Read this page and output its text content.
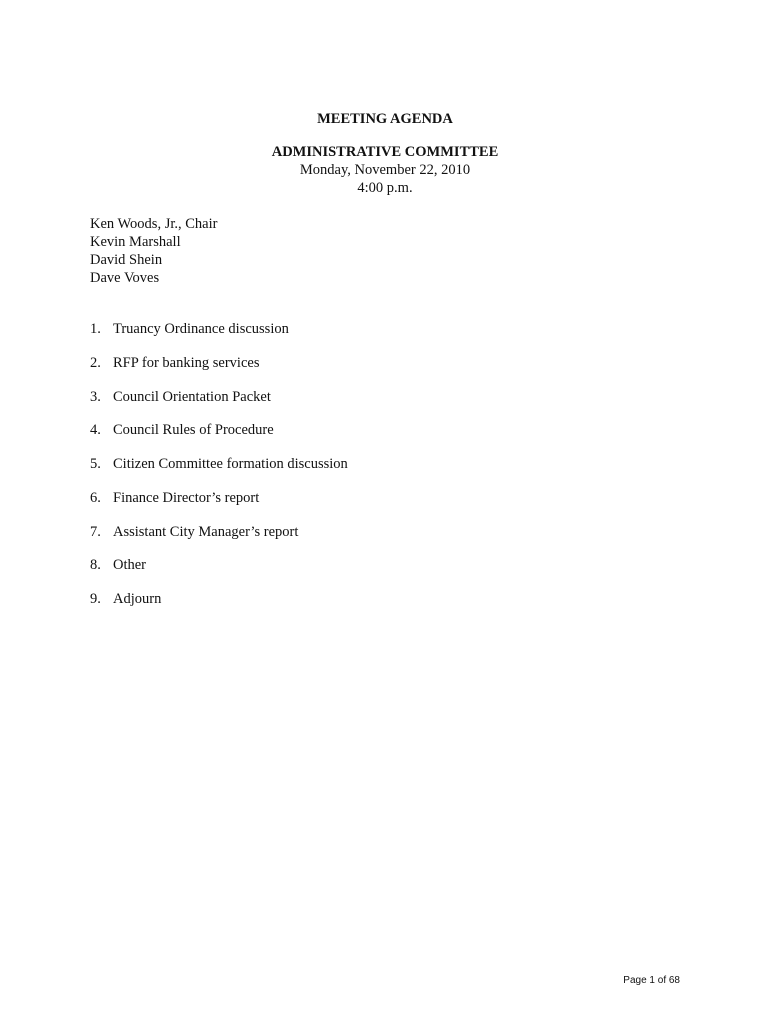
MEETING AGENDA
ADMINISTRATIVE COMMITTEE
Monday, November 22, 2010
4:00 p.m.
Ken Woods, Jr., Chair
Kevin Marshall
David Shein
Dave Voves
1. Truancy Ordinance discussion
2. RFP for banking services
3. Council Orientation Packet
4. Council Rules of Procedure
5. Citizen Committee formation discussion
6. Finance Director’s report
7. Assistant City Manager’s report
8. Other
9. Adjourn
Page 1 of 68
